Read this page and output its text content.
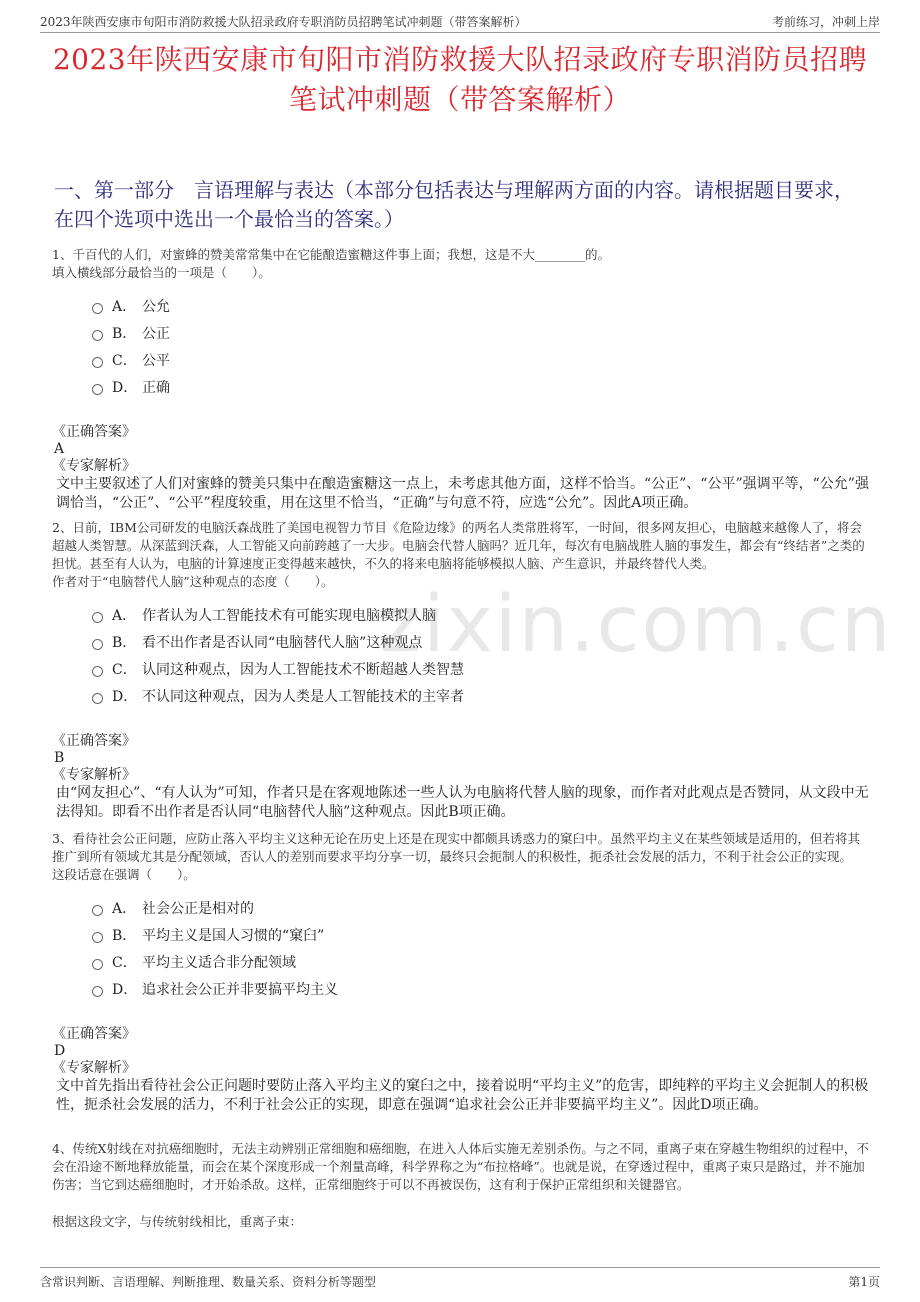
2023年陕西安康市旬阳市消防救援大队招录政府专职消防员招聘笔试冲刺题（带答案解析）	考前练习，冲刺上岸
2023年陕西安康市旬阳市消防救援大队招录政府专职消防员招聘笔试冲刺题（带答案解析）
一、第一部分　言语理解与表达（本部分包括表达与理解两方面的内容。请根据题目要求，在四个选项中选出一个最恰当的答案。）
zixin.com.cn

1、千百代的人们，对蜜蜂的赞美常常集中在它能酿造蜜糖这件事上面；我想，这是不大________的。

填入横线部分最恰当的一项是（　　）。

A． 公允
B． 公正
C． 公平
D． 正确
《正确答案》
A
《专家解析》
文中主要叙述了人们对蜜蜂的赞美只集中在酿造蜜糖这一点上，未考虑其他方面，这样不恰当。“公正”、“公平”强调平等，“公允”强调恰当，“公正”、“公平”程度较重，用在这里不恰当，“正确”与句意不符，应选“公允”。因此A项正确。

2、日前，IBM公司研发的电脑沃森战胜了美国电视智力节目《危险边缘》的两名人类常胜将军，一时间，很多网友担心，电脑越来越像人了，将会超越人类智慧。从深蓝到沃森，人工智能又向前跨越了一大步。电脑会代替人脑吗？近几年，每次有电脑战胜人脑的事发生，都会有“终结者”之类的担忧。甚至有人认为，电脑的计算速度正变得越来越快，不久的将来电脑将能够模拟人脑、产生意识，并最终替代人类。

作者对于“电脑替代人脑”这种观点的态度（　　）。

A． 作者认为人工智能技术有可能实现电脑模拟人脑
B． 看不出作者是否认同“电脑替代人脑”这种观点
C． 认同这种观点，因为人工智能技术不断超越人类智慧
D． 不认同这种观点，因为人类是人工智能技术的主宰者
《正确答案》
B
《专家解析》
由“网友担心”、“有人认为”可知，作者只是在客观地陈述一些人认为电脑将代替人脑的现象，而作者对此观点是否赞同，从文段中无法得知。即看不出作者是否认同“电脑替代人脑”这种观点。因此B项正确。

3、看待社会公正问题，应防止落入平均主义这种无论在历史上还是在现实中都颇具诱惑力的窠臼中。虽然平均主义在某些领域是适用的，但若将其推广到所有领域尤其是分配领域，否认人的差别而要求平均分享一切，最终只会扼制人的积极性，扼杀社会发展的活力，不利于社会公正的实现。

这段话意在强调（　　）。

A． 社会公正是相对的
B． 平均主义是国人习惯的“窠臼”
C． 平均主义适合非分配领域
D． 追求社会公正并非要搞平均主义
《正确答案》
D
《专家解析》
文中首先指出看待社会公正问题时要防止落入平均主义的窠臼之中，接着说明“平均主义”的危害，即纯粹的平均主义会扼制人的积极性，扼杀社会发展的活力，不利于社会公正的实现，即意在强调“追求社会公正并非要搞平均主义”。因此D项正确。

4、传统X射线在对抗癌细胞时，无法主动辨别正常细胞和癌细胞，在进入人体后实施无差别杀伤。与之不同，重离子束在穿越生物组织的过程中，不会在沿途不断地释放能量，而会在某个深度形成一个剂量高峰，科学界称之为“布拉格峰”。也就是说，在穿透过程中，重离子束只是路过，并不施加伤害；当它到达癌细胞时，才开始杀敌。这样，正常细胞终于可以不再被误伤，这有利于保护正常组织和关键器官。

根据这段文字，与传统射线相比，重离子束：

含常识判断、言语理解、判断推理、数量关系、资料分析等题型	第1页
